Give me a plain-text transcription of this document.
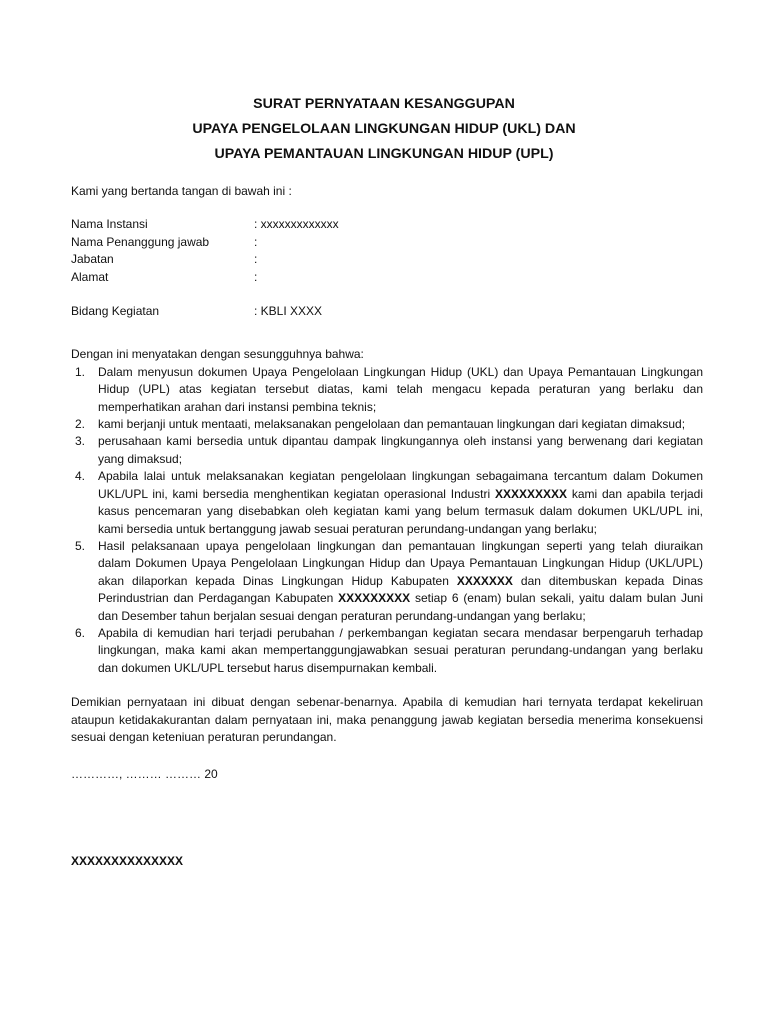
SURAT PERNYATAAN KESANGGUPAN
UPAYA PENGELOLAAN LINGKUNGAN HIDUP (UKL) DAN
UPAYA PEMANTAUAN LINGKUNGAN HIDUP (UPL)
Kami yang bertanda tangan di bawah ini :
Nama Instansi	: xxxxxxxxxxxxx
Nama Penanggung jawab	:
Jabatan	:
Alamat	:
Bidang Kegiatan	: KBLI XXXX
Dengan ini menyatakan dengan sesungguhnya bahwa:
1. Dalam menyusun dokumen Upaya Pengelolaan Lingkungan Hidup (UKL) dan Upaya Pemantauan Lingkungan Hidup (UPL) atas kegiatan tersebut diatas, kami telah mengacu kepada peraturan yang berlaku dan memperhatikan arahan dari instansi pembina teknis;
2. kami berjanji untuk mentaati, melaksanakan pengelolaan dan pemantauan lingkungan dari kegiatan dimaksud;
3. perusahaan kami bersedia untuk dipantau dampak lingkungannya oleh instansi yang berwenang dari kegiatan yang dimaksud;
4. Apabila lalai untuk melaksanakan kegiatan pengelolaan lingkungan sebagaimana tercantum dalam Dokumen UKL/UPL ini, kami bersedia menghentikan kegiatan operasional Industri XXXXXXXXX kami dan apabila terjadi kasus pencemaran yang disebabkan oleh kegiatan kami yang belum termasuk dalam dokumen UKL/UPL ini, kami bersedia untuk bertanggung jawab sesuai peraturan perundang-undangan yang berlaku;
5. Hasil pelaksanaan upaya pengelolaan lingkungan dan pemantauan lingkungan seperti yang telah diuraikan dalam Dokumen Upaya Pengelolaan Lingkungan Hidup dan Upaya Pemantauan Lingkungan Hidup (UKL/UPL) akan dilaporkan kepada Dinas Lingkungan Hidup Kabupaten XXXXXXX dan ditembuskan kepada Dinas Perindustrian dan Perdagangan Kabupaten XXXXXXXXX setiap 6 (enam) bulan sekali, yaitu dalam bulan Juni dan Desember tahun berjalan sesuai dengan peraturan perundang-undangan yang berlaku;
6. Apabila di kemudian hari terjadi perubahan / perkembangan kegiatan secara mendasar berpengaruh terhadap lingkungan, maka kami akan mempertanggungjawabkan sesuai peraturan perundang-undangan yang berlaku dan dokumen UKL/UPL tersebut harus disempurnakan kembali.
Demikian pernyataan ini dibuat dengan sebenar-benarnya. Apabila di kemudian hari ternyata terdapat kekeliruan ataupun ketidakakurantan dalam pernyataan ini, maka penanggung jawab kegiatan bersedia menerima konsekuensi sesuai dengan keteniuan peraturan perundangan.
…………, ……… ……… 20
XXXXXXXXXXXXXX
